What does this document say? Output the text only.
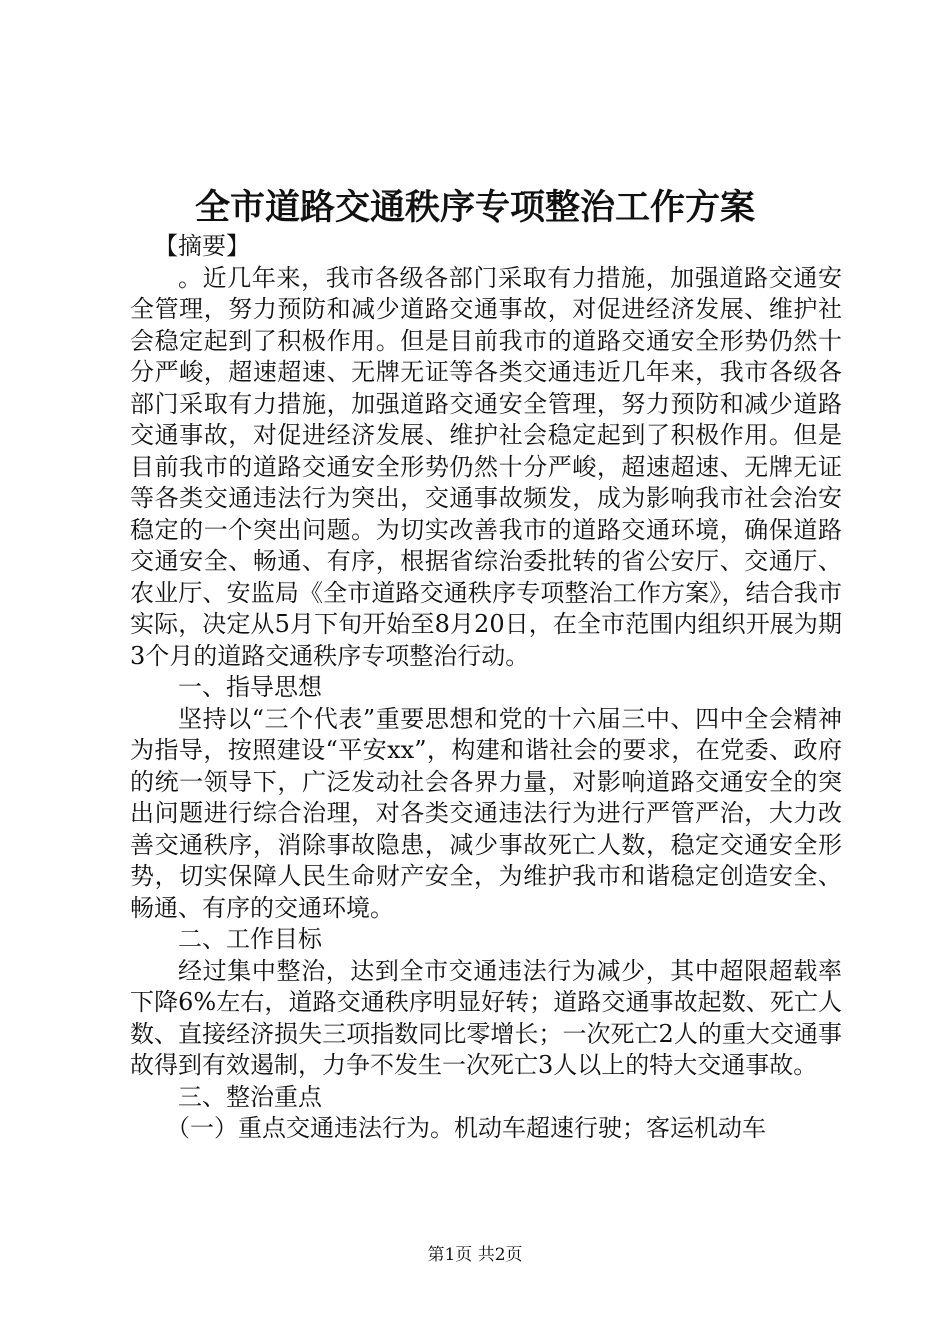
全市道路交通秩序专项整治工作方案

【摘要】

。近几年来，我市各级各部门采取有力措施，加强道路交通安全管理，努力预防和减少道路交通事故，对促进经济发展、维护社会稳定起到了积极作用。但是目前我市的道路交通安全形势仍然十分严峻，超速超速、无牌无证等各类交通违近几年来，我市各级各部门采取有力措施，加强道路交通安全管理，努力预防和减少道路交通事故，对促进经济发展、维护社会稳定起到了积极作用。但是目前我市的道路交通安全形势仍然十分严峻，超速超速、无牌无证等各类交通违法行为突出，交通事故频发，成为影响我市社会治安稳定的一个突出问题。为切实改善我市的道路交通环境，确保道路交通安全、畅通、有序，根据省综治委批转的省公安厅、交通厅、农业厅、安监局《全市道路交通秩序专项整治工作方案》，结合我市实际，决定从5月下旬开始至8月20日，在全市范围内组织开展为期3个月的道路交通秩序专项整治行动。

一、指导思想

坚持以“三个代表”重要思想和党的十六届三中、四中全会精神为指导，按照建设“平安xx”，构建和谐社会的要求，在党委、政府的统一领导下，广泛发动社会各界力量，对影响道路交通安全的突出问题进行综合治理，对各类交通违法行为进行严管严治，大力改善交通秩序，消除事故隐患，减少事故死亡人数，稳定交通安全形势，切实保障人民生命财产安全，为维护我市和谐稳定创造安全、畅通、有序的交通环境。

二、工作目标

经过集中整治，达到全市交通违法行为减少，其中超限超载率下降6%左右，道路交通秩序明显好转；道路交通事故起数、死亡人数、直接经济损失三项指数同比零增长；一次死亡2人的重大交通事故得到有效遏制，力争不发生一次死亡3人以上的特大交通事故。

三、整治重点

（一）重点交通违法行为。机动车超速行驶；客运机动车

第1页 共2页
